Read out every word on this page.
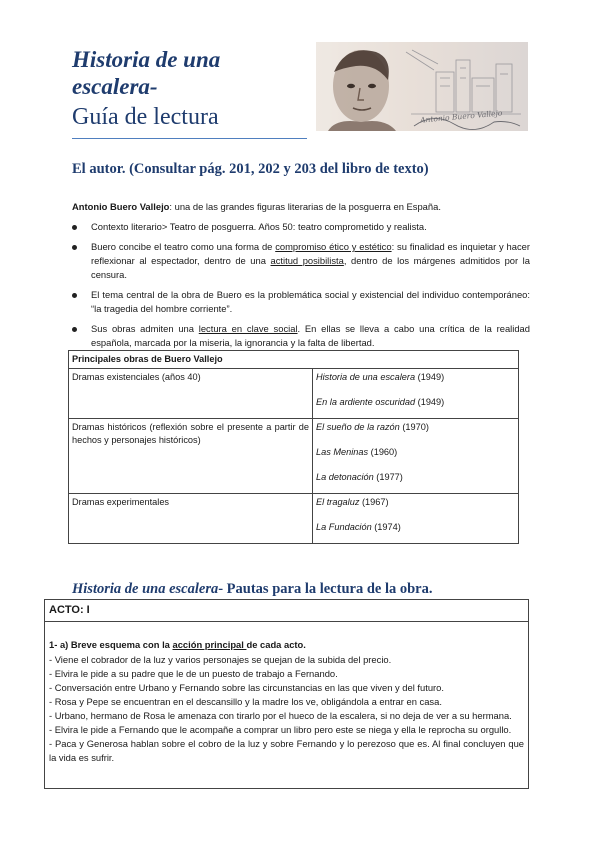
Historia de una
escalera-
Guía de lectura	Antonio Buero Vallejo
El autor. (Consultar pág. 201, 202 y 203 del libro de texto)
Antonio Buero Vallejo: una de las grandes figuras literarias de la posguerra en España.
Contexto literario> Teatro de posguerra. Años 50: teatro comprometido y realista.
Buero concibe el teatro como una forma de compromiso ético y estético: su finalidad es inquietar y hacer reflexionar al espectador, dentro de una actitud posibilista, dentro de los márgenes admitidos por la censura.
El tema central de la obra de Buero es la problemática social y existencial del individuo contemporáneo: “la tragedia del hombre corriente”.
Sus obras admiten una lectura en clave social. En ellas se lleva a cabo una crítica de la realidad española, marcada por la miseria, la ignorancia y la falta de libertad.
Principales obras de Buero Vallejo	
Dramas existenciales (años 40)	Historia de una escalera (1949)
En la ardiente oscuridad (1949)

Dramas históricos (reflexión sobre el presente a partir de hechos y personajes históricos)	El sueño de la razón (1970)
Las Meninas (1960)
La detonación (1977)

Dramas experimentales	El tragaluz (1967)
La Fundación (1974)
Historia de una escalera- Pautas para la lectura de la obra.
ACTO: I
1- a) Breve esquema con la acción principal de cada acto.
- Viene el cobrador de la luz y varios personajes se quejan de la subida del precio.
- Elvira le pide a su padre que le de un puesto de trabajo a Fernando.
- Conversación entre Urbano y Fernando sobre las circunstancias en las que viven y del futuro.
- Rosa y Pepe se encuentran en el descansillo y la madre los ve, obligándola a entrar en casa.
- Urbano, hermano de Rosa le amenaza con tirarlo por el hueco de la escalera, si no deja de ver a su hermana.
- Elvira le pide a Fernando que le acompañe a comprar un libro pero este se niega y ella le reprocha su orgullo.
- Paca y Generosa hablan sobre el cobro de la luz y sobre Fernando y lo perezoso que es. Al final concluyen que la vida es sufrir.
